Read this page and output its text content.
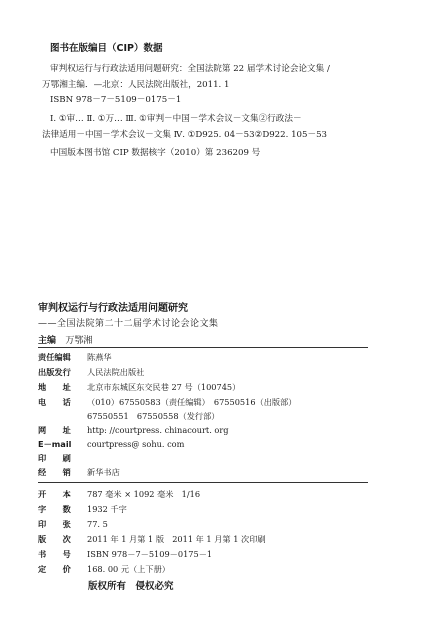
图书在版编目（CIP）数据
审判权运行与行政法适用问题研究：全国法院第 22 届学术讨论会论文集 /
万鄂湘主编．—北京：人民法院出版社，2011. 1
ISBN 978－7－5109－0175－1
Ⅰ. ①审… Ⅱ. ①万… Ⅲ. ①审判－中国－学术会议－文集②行政法－
法律适用－中国－学术会议－文集 Ⅳ. ①D925. 04－53②D922. 105－53
中国版本图书馆 CIP 数据核字（2010）第 236209 号
审判权运行与行政法适用问题研究
——全国法院第二十二届学术讨论会论文集
主编 万鄂湘
责任编辑 陈燕华
出版发行 人民法院出版社
地　　址 北京市东城区东交民巷 27 号（100745）
电　　话 （010）67550583（责任编辑）　67550516（出版部）
67550551　67550558（发行部）
网　　址 http: //courtpress. chinacourt. org
E－mail courtpress@ sohu. com
印　　刷
经　　销 新华书店
开　　本 787 毫米 × 1092 毫米　1/16
字　　数 1932 千字
印　　张 77. 5
版　　次 2011 年 1 月第 1 版　2011 年 1 月第 1 次印刷
书　　号 ISBN 978－7－5109－0175－1
定　　价 168. 00 元（上下册）
版权所有　侵权必究
